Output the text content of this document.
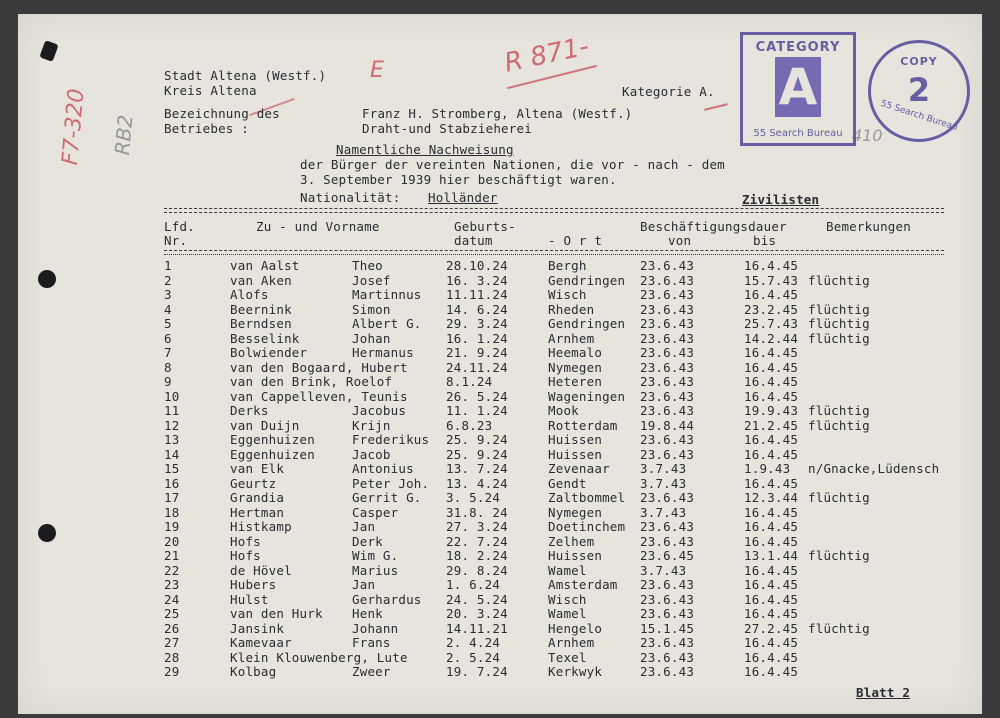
E	R 871-
F7-320 RB2	410
CATEGORY
A
55 Search Bureau
COPY
2
55 Search Bureau
Stadt Altena (Westf.)
Kreis Altena	Kategorie A.
Bezeichnung des
Betriebes :
Franz H. Stromberg, Altena (Westf.)
Draht-und Stabzieherei
Namentliche Nachweisung
der Bürger der vereinten Nationen, die vor - nach - dem
3. September 1939 hier beschäftigt waren.
Nationalität: Holländer	Zivilisten
Lfd.
Nr.
Zu - und Vorname	Geburts-
datum	- O r t
Beschäftigungsdauer
von	bis
Bemerkungen
1	van Aalst	Theo	28.10.24	Bergh	23.6.43	16.4.45
2	van Aken	Josef	16. 3.24	Gendringen 23.6.43	15.7.43 flüchtig
3	Alofs	Martinnus 11.11.24	Wisch	23.6.43	16.4.45
4	Beernink	Simon	14. 6.24	Rheden	23.6.43	23.2.45 flüchtig
5	Berndsen	Albert G. 29. 3.24	Gendringen 23.6.43	25.7.43 flüchtig
6	Besselink	Johan	16. 1.24	Arnhem	23.6.43	14.2.44 flüchtig
7	Bolwiender	Hermanus	21. 9.24	Heemalo	23.6.43	16.4.45
8	van den Bogaard, Hubert	24.11.24	Nymegen	23.6.43	16.4.45
9	van den Brink, Roelof	8.1.24	Heteren	23.6.43	16.4.45
10	van Cappelleven, Teunis	26. 5.24	Wageningen 23.6.43	16.4.45
11	Derks	Jacobus	11. 1.24	Mook	23.6.43	19.9.43 flüchtig
12	van Duijn	Krijn	6.8.23	Rotterdam 19.8.44	21.2.45 flüchtig
13	Eggenhuizen	Frederikus 25. 9.24	Huissen	23.6.43	16.4.45
14	Eggenhuizen	Jacob	25. 9.24	Huissen	23.6.43	16.4.45
15	van Elk	Antonius	13. 7.24	Zevenaar 3.7.43	1.9.43 n/Gnacke,Lüdensch
16	Geurtz	Peter Joh. 13. 4.24	Gendt	3.7.43	16.4.45
17	Grandia	Gerrit G. 3. 5.24	Zaltbommel 23.6.43	12.3.44 flüchtig
18	Hertman	Casper	31.8. 24	Nymegen	3.7.43	16.4.45
19	Histkamp	Jan	27. 3.24	Doetinchem 23.6.43	16.4.45
20	Hofs	Derk	22. 7.24	Zelhem	23.6.43	16.4.45
21	Hofs	Wim G.	18. 2.24	Huissen	23.6.45	13.1.44 flüchtig
22	de Hövel	Marius	29. 8.24	Wamel	3.7.43	16.4.45
23	Hubers	Jan	1. 6.24	Amsterdam 23.6.43	16.4.45
24	Hulst	Gerhardus 24. 5.24	Wisch	23.6.43	16.4.45
25	van den Hurk Henk	20. 3.24	Wamel	23.6.43	16.4.45
26	Jansink	Johann	14.11.21	Hengelo	15.1.45	27.2.45 flüchtig
27	Kamevaar	Frans	2. 4.24	Arnhem	23.6.43	16.4.45
28	Klein Klouwenberg, Lute	2. 5.24	Texel	23.6.43	16.4.45
29	Kolbag	Zweer	19. 7.24	Kerkwyk	23.6.43	16.4.45
Blatt 2
